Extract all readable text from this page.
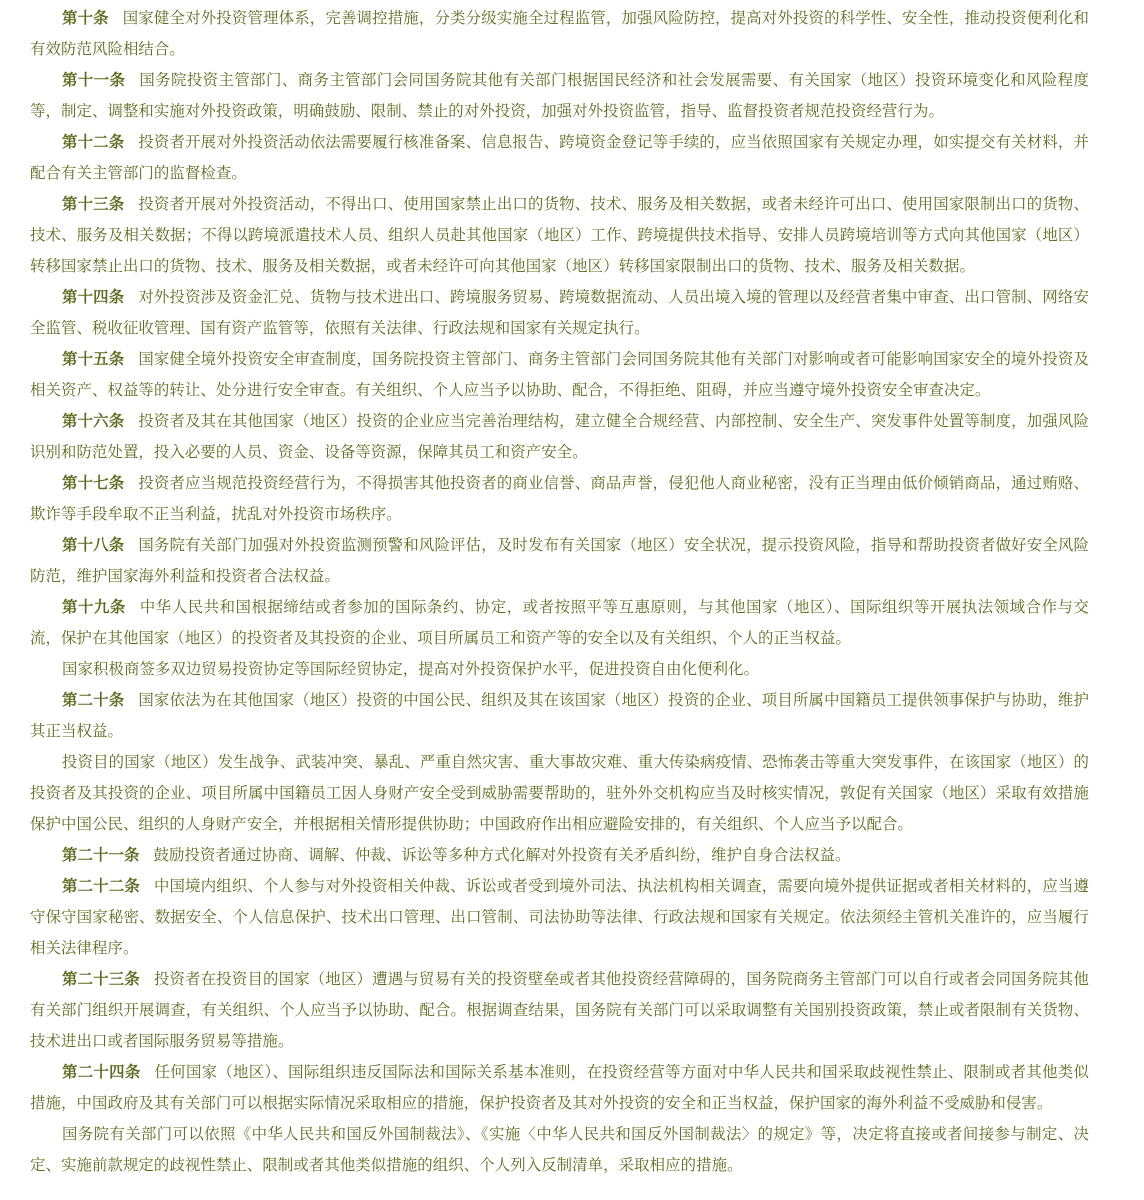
第十条 国家健全对外投资管理体系，完善调控措施，分类分级实施全过程监管，加强风险防控，提高对外投资的科学性、安全性，推动投资便利化和有效防范风险相结合。

第十一条 国务院投资主管部门、商务主管部门会同国务院其他有关部门根据国民经济和社会发展需要、有关国家（地区）投资环境变化和风险程度等，制定、调整和实施对外投资政策，明确鼓励、限制、禁止的对外投资，加强对外投资监管，指导、监督投资者规范投资经营行为。

第十二条 投资者开展对外投资活动依法需要履行核准备案、信息报告、跨境资金登记等手续的，应当依照国家有关规定办理，如实提交有关材料，并配合有关主管部门的监督检查。

第十三条 投资者开展对外投资活动，不得出口、使用国家禁止出口的货物、技术、服务及相关数据，或者未经许可出口、使用国家限制出口的货物、技术、服务及相关数据；不得以跨境派遣技术人员、组织人员赴其他国家（地区）工作、跨境提供技术指导、安排人员跨境培训等方式向其他国家（地区）转移国家禁止出口的货物、技术、服务及相关数据，或者未经许可向其他国家（地区）转移国家限制出口的货物、技术、服务及相关数据。

第十四条 对外投资涉及资金汇兑、货物与技术进出口、跨境服务贸易、跨境数据流动、人员出境入境的管理以及经营者集中审查、出口管制、网络安全监管、税收征收管理、国有资产监管等，依照有关法律、行政法规和国家有关规定执行。

第十五条 国家健全境外投资安全审查制度，国务院投资主管部门、商务主管部门会同国务院其他有关部门对影响或者可能影响国家安全的境外投资及相关资产、权益等的转让、处分进行安全审查。有关组织、个人应当予以协助、配合，不得拒绝、阻碍，并应当遵守境外投资安全审查决定。

第十六条 投资者及其在其他国家（地区）投资的企业应当完善治理结构，建立健全合规经营、内部控制、安全生产、突发事件处置等制度，加强风险识别和防范处置，投入必要的人员、资金、设备等资源，保障其员工和资产安全。

第十七条 投资者应当规范投资经营行为，不得损害其他投资者的商业信誉、商品声誉，侵犯他人商业秘密，没有正当理由低价倾销商品，通过贿赂、欺诈等手段牟取不正当利益，扰乱对外投资市场秩序。

第十八条 国务院有关部门加强对外投资监测预警和风险评估，及时发布有关国家（地区）安全状况，提示投资风险，指导和帮助投资者做好安全风险防范，维护国家海外利益和投资者合法权益。

第十九条 中华人民共和国根据缔结或者参加的国际条约、协定，或者按照平等互惠原则，与其他国家（地区）、国际组织等开展执法领域合作与交流，保护在其他国家（地区）的投资者及其投资的企业、项目所属员工和资产等的安全以及有关组织、个人的正当权益。

国家积极商签多双边贸易投资协定等国际经贸协定，提高对外投资保护水平，促进投资自由化便利化。

第二十条 国家依法为在其他国家（地区）投资的中国公民、组织及其在该国家（地区）投资的企业、项目所属中国籍员工提供领事保护与协助，维护其正当权益。

投资目的国家（地区）发生战争、武装冲突、暴乱、严重自然灾害、重大事故灾难、重大传染病疫情、恐怖袭击等重大突发事件，在该国家（地区）的投资者及其投资的企业、项目所属中国籍员工因人身财产安全受到威胁需要帮助的，驻外外交机构应当及时核实情况，敦促有关国家（地区）采取有效措施保护中国公民、组织的人身财产安全，并根据相关情形提供协助；中国政府作出相应避险安排的，有关组织、个人应当予以配合。

第二十一条 鼓励投资者通过协商、调解、仲裁、诉讼等多种方式化解对外投资有关矛盾纠纷，维护自身合法权益。

第二十二条 中国境内组织、个人参与对外投资相关仲裁、诉讼或者受到境外司法、执法机构相关调查，需要向境外提供证据或者相关材料的，应当遵守保守国家秘密、数据安全、个人信息保护、技术出口管理、出口管制、司法协助等法律、行政法规和国家有关规定。依法须经主管机关准许的，应当履行相关法律程序。

第二十三条 投资者在投资目的国家（地区）遭遇与贸易有关的投资壁垒或者其他投资经营障碍的，国务院商务主管部门可以自行或者会同国务院其他有关部门组织开展调查，有关组织、个人应当予以协助、配合。根据调查结果，国务院有关部门可以采取调整有关国别投资政策，禁止或者限制有关货物、技术进出口或者国际服务贸易等措施。

第二十四条 任何国家（地区）、国际组织违反国际法和国际关系基本准则，在投资经营等方面对中华人民共和国采取歧视性禁止、限制或者其他类似措施，中国政府及其有关部门可以根据实际情况采取相应的措施，保护投资者及其对外投资的安全和正当权益，保护国家的海外利益不受威胁和侵害。

国务院有关部门可以依照《中华人民共和国反外国制裁法》、《实施〈中华人民共和国反外国制裁法〉的规定》等，决定将直接或者间接参与制定、决定、实施前款规定的歧视性禁止、限制或者其他类似措施的组织、个人列入反制清单，采取相应的措施。
